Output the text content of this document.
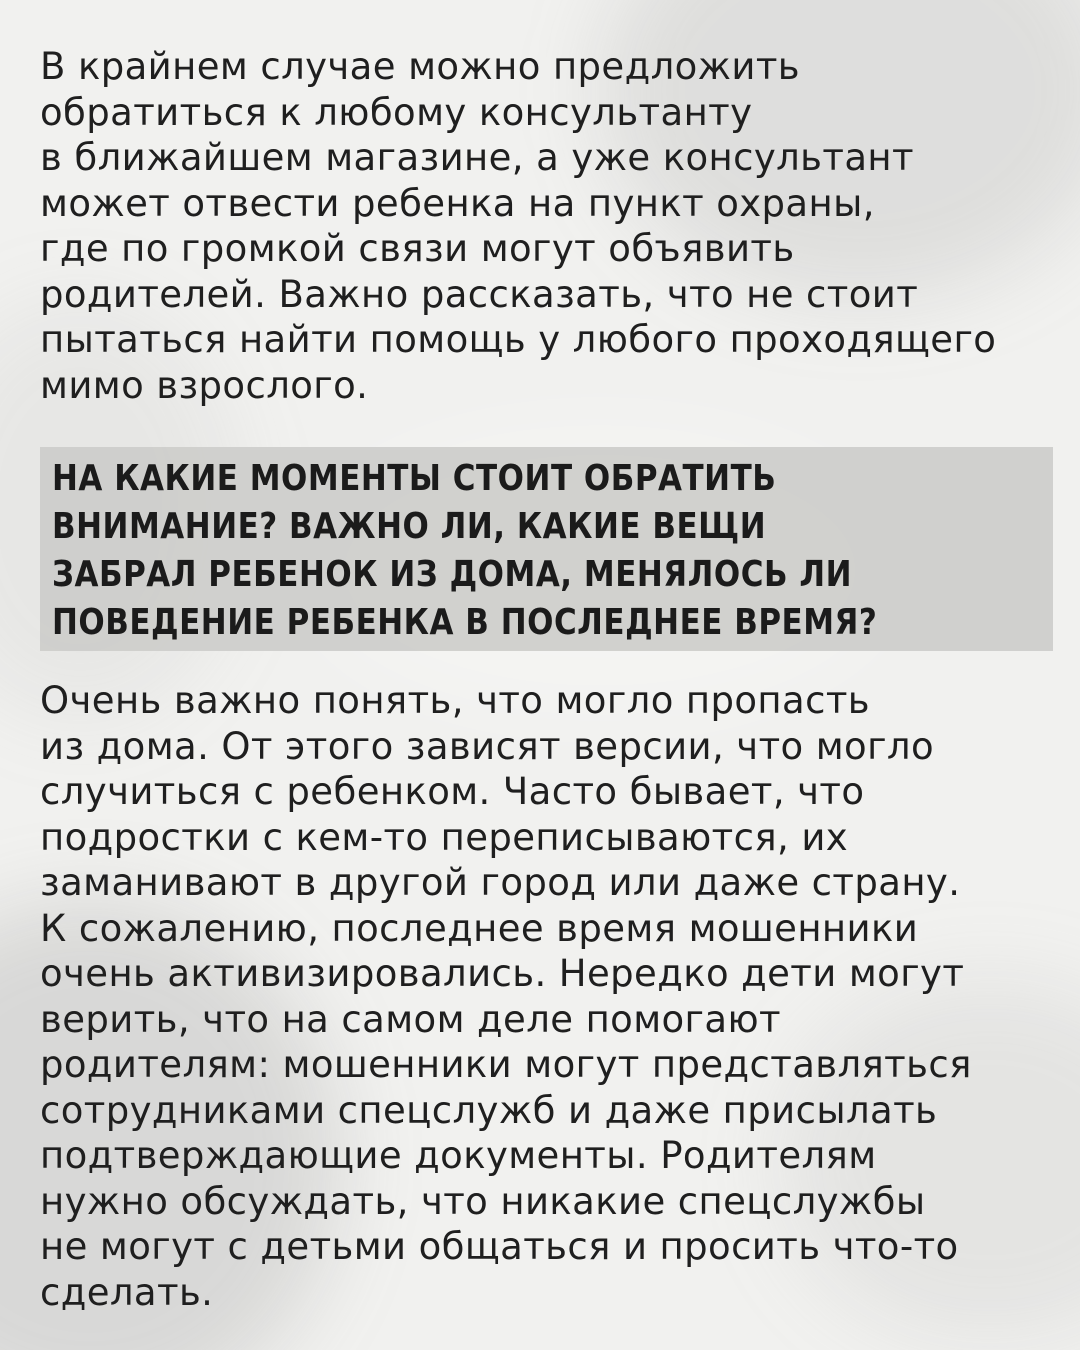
В крайнем случае можно предложить
обратиться к любому консультанту
в ближайшем магазине, а уже консультант
может отвести ребенка на пункт охраны,
где по громкой связи могут объявить
родителей. Важно рассказать, что не стоит
пытаться найти помощь у любого проходящего
мимо взрослого.

НА КАКИЕ МОМЕНТЫ СТОИТ ОБРАТИТЬ
ВНИМАНИЕ? ВАЖНО ЛИ, КАКИЕ ВЕЩИ
ЗАБРАЛ РЕБЕНОК ИЗ ДОМА, МЕНЯЛОСЬ ЛИ
ПОВЕДЕНИЕ РЕБЕНКА В ПОСЛЕДНЕЕ ВРЕМЯ?

Очень важно понять, что могло пропасть
из дома. От этого зависят версии, что могло
случиться с ребенком. Часто бывает, что
подростки с кем-то переписываются, их
заманивают в другой город или даже страну.
К сожалению, последнее время мошенники
очень активизировались. Нередко дети могут
верить, что на самом деле помогают
родителям: мошенники могут представляться
сотрудниками спецслужб и даже присылать
подтверждающие документы. Родителям
нужно обсуждать, что никакие спецслужбы
не могут с детьми общаться и просить что-то
сделать.
